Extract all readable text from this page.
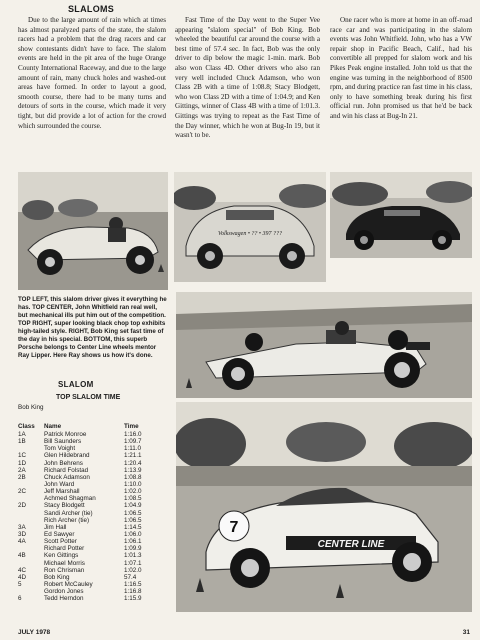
SLALOMS
Due to the large amount of rain which at times has almost paralyzed parts of the state, the slalom racers had a problem that the drag racers and car show contestants didn't have to face. The slalom events are held in the pit area of the huge Orange County International Raceway, and due to the large amount of rain, many chuck holes and washed-out areas have formed. In order to layout a good, smooth course, there had to be many turns and detours of sorts in the course, which made it very tight, but did provide a lot of action for the crowd which surrounded the course.
Fast Time of the Day went to the Super Vee appearing "slalom special" of Bob King. Bob wheeled the beautiful car around the course with a best time of 57.4 sec. In fact, Bob was the only driver to dip below the magic 1-min. mark. Bob also won Class 4D. Other drivers who also ran very well included Chuck Adamson, who won Class 2B with a time of 1:08.8; Stacy Blodgett, who won Class 2D with a time of 1:04.9; and Ken Gittings, winner of Class 4B with a time of 1:01.3. Gittings was trying to repeat as the Fast Time of the Day winner, which he won at Bug-In 19, but it wasn't to be.
One racer who is more at home in an off-road race car and was participating in the slalom events was John Whitfield. John, who has a VW repair shop in Pacific Beach, Calif., had his convertible all prepped for slalom work and his Pikes Peak engine installed. John told us that the engine was turning in the neighborhood of 8500 rpm, and during practice ran fast time in his class, only to have something break during his first official run. John promised us that he'd be back and win his class at Bug-In 21.
Volkswagen • ?? • 397 ???
TOP LEFT, this slalom driver gives it everything he has. TOP CENTER, John Whitfield ran real well, but mechanical ills put him out of the competition. TOP RIGHT, super looking black chop top exhibits high-tailed style. RIGHT, Bob King set fast time of the day in his special. BOTTOM, this superb Porsche belongs to Center Line wheels mentor Ray Lipper. Here Ray shows us how it's done.
SLALOM
TOP SLALOM TIME
Bob King
Class	Name	Time
1A	Patrick Monroe	1:16.0
1B	Bill Saunders	1:09.7
Tom Voight	1:11.0
1C	Glen Hildebrand	1:21.1
1D	John Behrens	1:20.4
2A	Richard Folstad	1:13.9
2B	Chuck Adamson	1:08.8
John Ward	1:10.0
2C	Jeff Marshall	1:02.0
Achmed Shagman	1:08.5
2D	Stacy Blodgett	1:04.9
Sandi Archer (tie)	1:06.5
Rich Archer (tie)	1:06.5
3A	Jim Hall	1:14.5
3D	Ed Sawyer	1:06.0
4A	Scott Potter	1:06.1
Richard Potter	1:09.9
4B	Ken Gittings	1:01.3
Michael Morris	1:07.1
4C	Ron Chrisman	1:02.0
4D	Bob King	57.4
5	Robert McCauley	1:16.5
Gordon Jones	1:16.8
6	Tedd Herndon	1:15.9
CENTER LINE
7
JULY 1978	31
